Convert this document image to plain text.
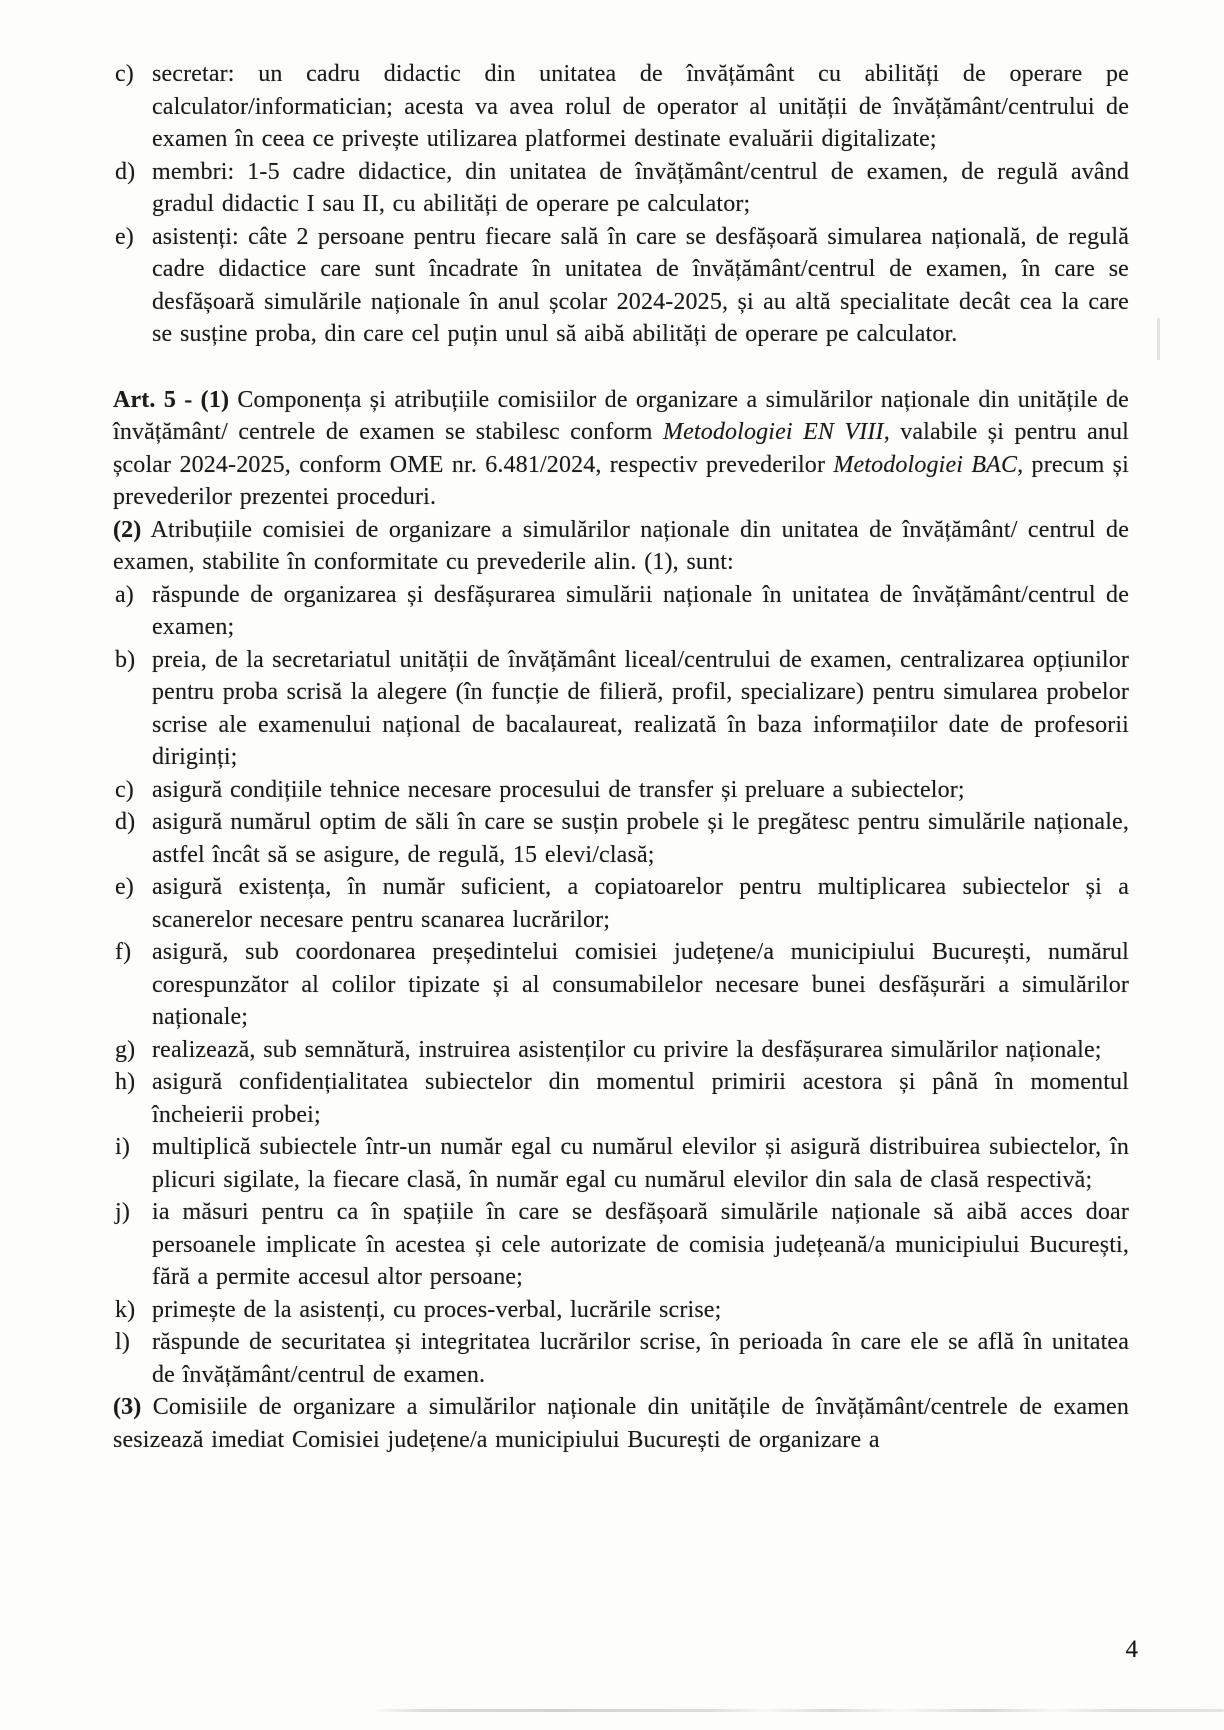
c) secretar: un cadru didactic din unitatea de învățământ cu abilități de operare pe calculator/informatician; acesta va avea rolul de operator al unității de învățământ/centrului de examen în ceea ce privește utilizarea platformei destinate evaluării digitalizate;
d) membri: 1-5 cadre didactice, din unitatea de învățământ/centrul de examen, de regulă având gradul didactic I sau II, cu abilități de operare pe calculator;
e) asistenți: câte 2 persoane pentru fiecare sală în care se desfășoară simularea națională, de regulă cadre didactice care sunt încadrate în unitatea de învățământ/centrul de examen, în care se desfășoară simulările naționale în anul școlar 2024-2025, și au altă specialitate decât cea la care se susține proba, din care cel puțin unul să aibă abilități de operare pe calculator.

Art. 5 - (1) Componența și atribuțiile comisiilor de organizare a simulărilor naționale din unitățile de învățământ/ centrele de examen se stabilesc conform Metodologiei EN VIII, valabile și pentru anul școlar 2024-2025, conform OME nr. 6.481/2024, respectiv prevederilor Metodologiei BAC, precum și prevederilor prezentei proceduri.

(2) Atribuțiile comisiei de organizare a simulărilor naționale din unitatea de învățământ/ centrul de examen, stabilite în conformitate cu prevederile alin. (1), sunt:

a) răspunde de organizarea și desfășurarea simulării naționale în unitatea de învățământ/centrul de examen;
b) preia, de la secretariatul unității de învățământ liceal/centrului de examen, centralizarea opțiunilor pentru proba scrisă la alegere (în funcție de filieră, profil, specializare) pentru simularea probelor scrise ale examenului național de bacalaureat, realizată în baza informațiilor date de profesorii diriginți;
c) asigură condițiile tehnice necesare procesului de transfer și preluare a subiectelor;
d) asigură numărul optim de săli în care se susțin probele și le pregătesc pentru simulările naționale, astfel încât să se asigure, de regulă, 15 elevi/clasă;
e) asigură existența, în număr suficient, a copiatoarelor pentru multiplicarea subiectelor și a scanerelor necesare pentru scanarea lucrărilor;
f) asigură, sub coordonarea președintelui comisiei județene/a municipiului București, numărul corespunzător al colilor tipizate și al consumabilelor necesare bunei desfășurări a simulărilor naționale;
g) realizează, sub semnătură, instruirea asistenților cu privire la desfășurarea simulărilor naționale;
h) asigură confidențialitatea subiectelor din momentul primirii acestora și până în momentul încheierii probei;
i) multiplică subiectele într-un număr egal cu numărul elevilor și asigură distribuirea subiectelor, în plicuri sigilate, la fiecare clasă, în număr egal cu numărul elevilor din sala de clasă respectivă;
j) ia măsuri pentru ca în spațiile în care se desfășoară simulările naționale să aibă acces doar persoanele implicate în acestea și cele autorizate de comisia județeană/a municipiului București, fără a permite accesul altor persoane;
k) primește de la asistenți, cu proces-verbal, lucrările scrise;
l) răspunde de securitatea și integritatea lucrărilor scrise, în perioada în care ele se află în unitatea de învățământ/centrul de examen.

(3) Comisiile de organizare a simulărilor naționale din unitățile de învățământ/centrele de examen sesizează imediat Comisiei județene/a municipiului București de organizare a

4
